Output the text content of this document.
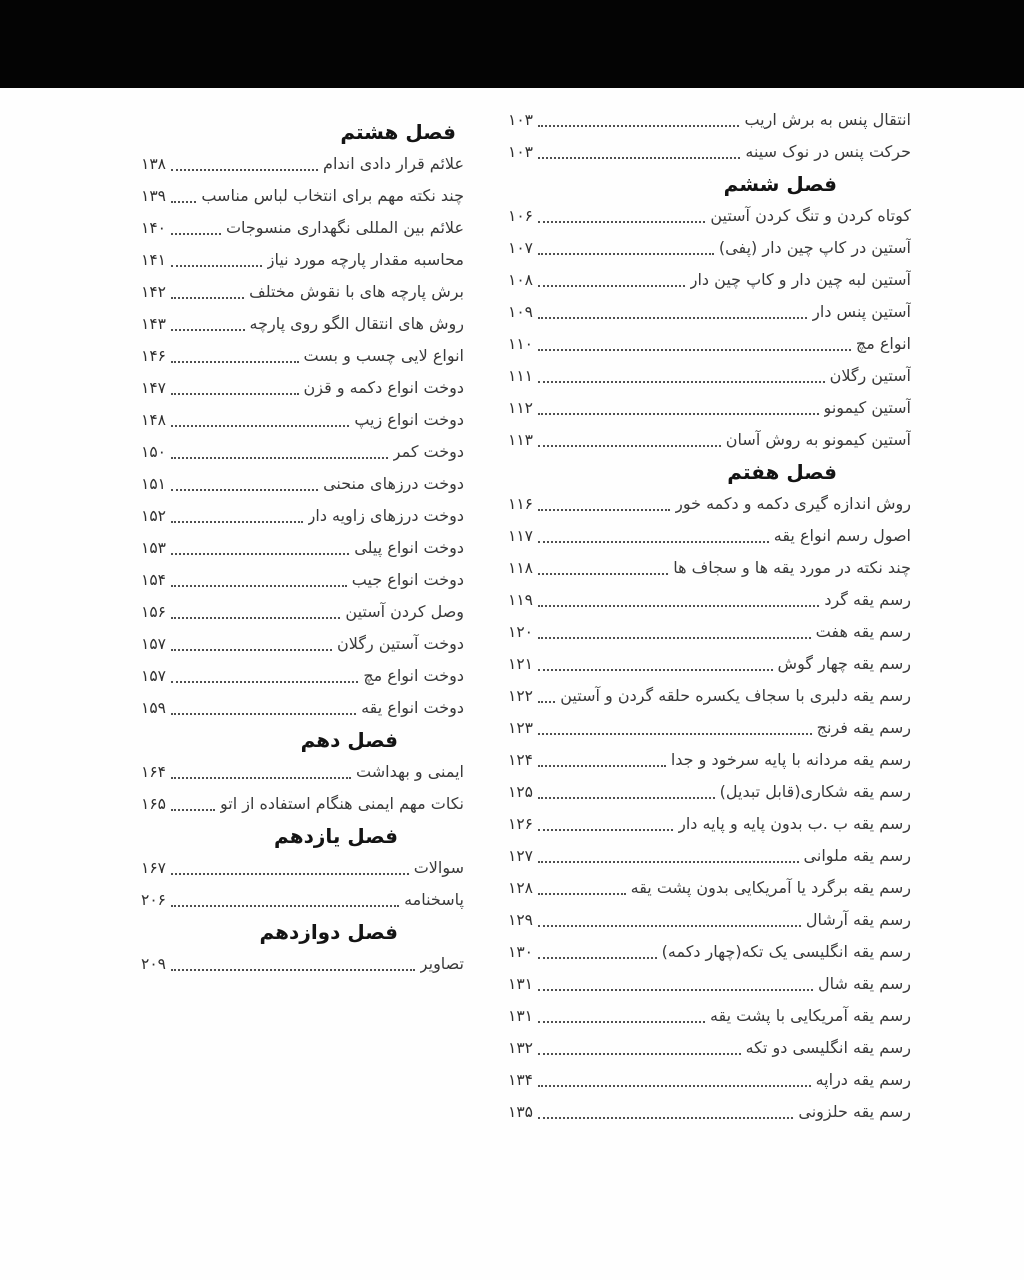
انتقال پنس به برش اریب
۱۰۳
حرکت پنس در نوک سینه
۱۰۳
فصل ششم
کوتاه کردن و تنگ کردن آستین
۱۰۶
آستین در کاپ چین دار (پفی)
۱۰۷
آستین لبه چین دار و کاپ چین دار
۱۰۸
آستین پنس دار
۱۰۹
انواع مچ
۱۱۰
آستین رگلان
۱۱۱
آستین کیمونو
۱۱۲
آستین کیمونو به روش آسان
۱۱۳
فصل هفتم
روش اندازه گیری دکمه و دکمه خور
۱۱۶
اصول رسم انواع یقه
۱۱۷
چند نکته در مورد یقه ها و سجاف ها
۱۱۸
رسم یقه گرد
۱۱۹
رسم یقه هفت
۱۲۰
رسم یقه چهار گوش
۱۲۱
رسم یقه دلبری با سجاف یکسره حلقه گردن و آستین
۱۲۲
رسم یقه فرنج
۱۲۳
رسم یقه مردانه با پایه سرخود و جدا
۱۲۴
رسم یقه شکاری(قابل تبدیل)
۱۲۵
رسم یقه ب .ب بدون پایه و پایه دار
۱۲۶
رسم یقه ملوانی
۱۲۷
رسم یقه برگرد یا آمریکایی بدون پشت یقه
۱۲۸
رسم یقه آرشال
۱۲۹
رسم یقه انگلیسی یک تکه(چهار دکمه)
۱۳۰
رسم یقه شال
۱۳۱
رسم یقه آمریکایی با پشت یقه
۱۳۱
رسم یقه انگلیسی دو تکه
۱۳۲
رسم یقه دراپه
۱۳۴
رسم یقه حلزونی
۱۳۵
فصل هشتم
علائم قرار دادی اندام
۱۳۸
چند نکته مهم برای انتخاب لباس مناسب
۱۳۹
علائم بین المللی نگهداری منسوجات
۱۴۰
محاسبه مقدار پارچه مورد نیاز
۱۴۱
برش پارچه های با نقوش مختلف
۱۴۲
روش های انتقال الگو روی پارچه
۱۴۳
انواع لایی چسب و بست
۱۴۶
دوخت انواع دکمه و قزن
۱۴۷
دوخت انواع زیپ
۱۴۸
دوخت کمر
۱۵۰
دوخت درزهای منحنی
۱۵۱
دوخت درزهای زاویه دار
۱۵۲
دوخت انواع پیلی
۱۵۳
دوخت انواع جیب
۱۵۴
وصل کردن آستین
۱۵۶
دوخت آستین رگلان
۱۵۷
دوخت انواع مچ
۱۵۷
دوخت انواع یقه
۱۵۹
فصل دهم
ایمنی و بهداشت
۱۶۴
نکات مهم ایمنی هنگام استفاده از اتو
۱۶۵
فصل یازدهم
سوالات
۱۶۷
پاسخنامه
۲۰۶
فصل دوازدهم
تصاویر
۲۰۹
